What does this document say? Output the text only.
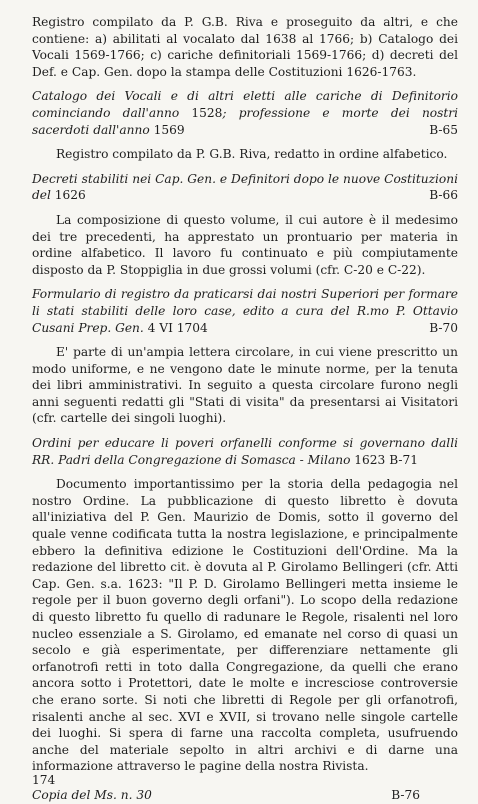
Registro compilato da P. G.B. Riva e proseguito da altri, e che contiene: a) abilitati al vocalato dal 1638 al 1766; b) Catalogo dei Vocali 1569-1766; c) cariche definitoriali 1569-1766; d) decreti del Def. e Cap. Gen. dopo la stampa delle Costituzioni 1626-1763.

Catalogo dei Vocali e di altri eletti alle cariche di Definitorio cominciando dall'anno 1528; professione e morte dei nostri sacerdoti dall'anno 1569	B-65

Registro compilato da P. G.B. Riva, redatto in ordine alfabetico.

Decreti stabiliti nei Cap. Gen. e Definitori dopo le nuove Costituzioni del 1626	B-66

La composizione di questo volume, il cui autore è il medesimo dei tre precedenti, ha apprestato un prontuario per materia in ordine alfabetico. Il lavoro fu continuato e più compiutamente disposto da P. Stoppiglia in due grossi volumi (cfr. C-20 e C-22).

Formulario di registro da praticarsi dai nostri Superiori per formare li stati stabiliti delle loro case, edito a cura del R.mo P. Ottavio Cusani Prep. Gen. 4 VI 1704	B-70

E' parte di un'ampia lettera circolare, in cui viene prescritto un modo uniforme, e ne vengono date le minute norme, per la tenuta dei libri amministrativi. In seguito a questa circolare furono negli anni seguenti redatti gli "Stati di visita" da presentarsi ai Visitatori (cfr. cartelle dei singoli luoghi).

Ordini per educare li poveri orfanelli conforme si governano dalli RR. Padri della Congregazione di Somasca - Milano 1623 B-71

Documento importantissimo per la storia della pedagogia nel nostro Ordine. La pubblicazione di questo libretto è dovuta all'iniziativa del P. Gen. Maurizio de Domis, sotto il governo del quale venne codificata tutta la nostra legislazione, e principalmente ebbero la definitiva edizione le Costituzioni dell'Ordine. Ma la redazione del libretto cit. è dovuta al P. Girolamo Bellingeri (cfr. Atti Cap. Gen. s.a. 1623: "Il P. D. Girolamo Bellingeri metta insieme le regole per il buon governo degli orfani"). Lo scopo della redazione di questo libretto fu quello di radunare le Regole, risalenti nel loro nucleo essenziale a S. Girolamo, ed emanate nel corso di quasi un secolo e già esperimentate, per differenziare nettamente gli orfanotrofi retti in toto dalla Congregazione, da quelli che erano ancora sotto i Protettori, date le molte e incresciose controversie che erano sorte. Si noti che libretti di Regole per gli orfanotrofi, risalenti anche al sec. XVI e XVII, si trovano nelle singole cartelle dei luoghi. Si spera di farne una raccolta completa, usufruendo anche del materiale sepolto in altri archivi e di darne una informazione attraverso le pagine della nostra Rivista.

Copia del Ms. n. 30	B-76
174
